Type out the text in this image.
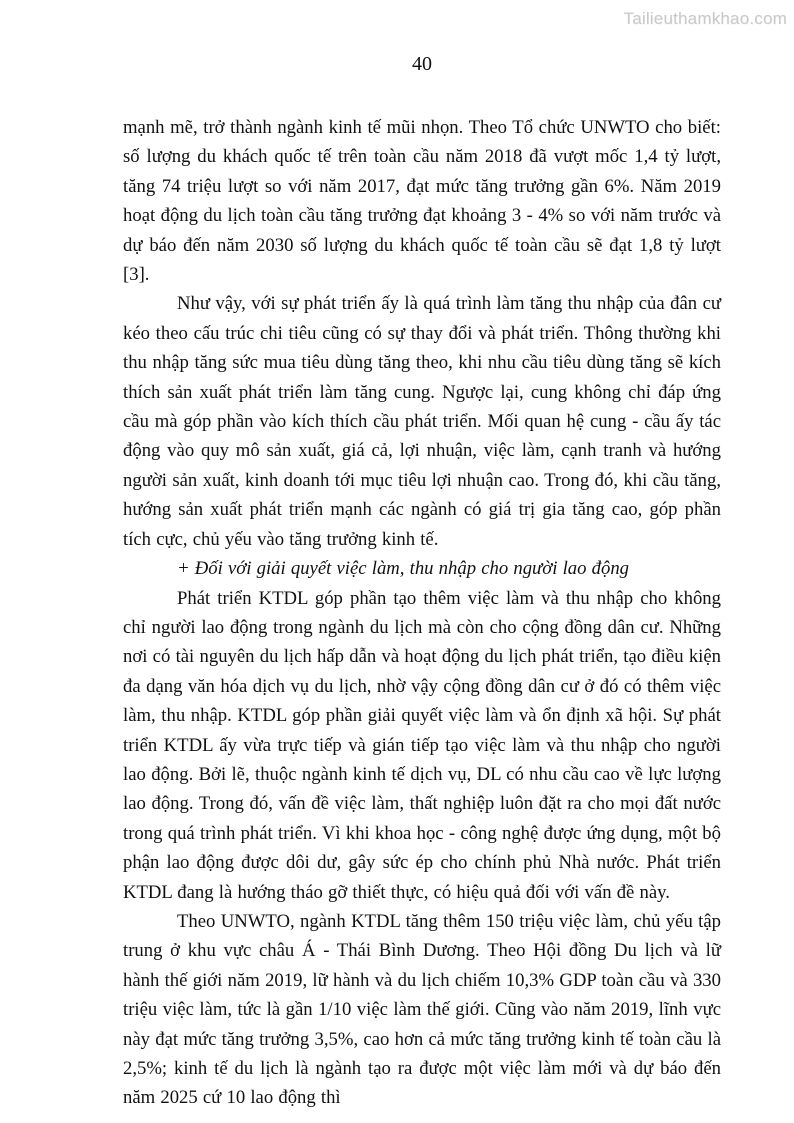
Tailieuthamkhao.com

40

mạnh mẽ, trở thành ngành kinh tế mũi nhọn. Theo Tổ chức UNWTO cho biết: số lượng du khách quốc tế trên toàn cầu năm 2018 đã vượt mốc 1,4 tỷ lượt, tăng 74 triệu lượt so với năm 2017, đạt mức tăng trưởng gần 6%. Năm 2019 hoạt động du lịch toàn cầu tăng trưởng đạt khoảng 3 - 4% so với năm trước và dự báo đến năm 2030 số lượng du khách quốc tế toàn cầu sẽ đạt 1,8 tỷ lượt [3].

Như vậy, với sự phát triển ấy là quá trình làm tăng thu nhập của đân cư kéo theo cấu trúc chi tiêu cũng có sự thay đổi và phát triển. Thông thường khi thu nhập tăng sức mua tiêu dùng tăng theo, khi nhu cầu tiêu dùng tăng sẽ kích thích sản xuất phát triển làm tăng cung. Ngược lại, cung không chỉ đáp ứng cầu mà góp phần vào kích thích cầu phát triển. Mối quan hệ cung - cầu ấy tác động vào quy mô sản xuất, giá cả, lợi nhuận, việc làm, cạnh tranh và hướng người sản xuất, kinh doanh tới mục tiêu lợi nhuận cao. Trong đó, khi cầu tăng, hướng sản xuất phát triển mạnh các ngành có giá trị gia tăng cao, góp phần tích cực, chủ yếu vào tăng trưởng kinh tế.

+ Đối với giải quyết việc làm, thu nhập cho người lao động

Phát triển KTDL góp phần tạo thêm việc làm và thu nhập cho không chỉ người lao động trong ngành du lịch mà còn cho cộng đồng dân cư. Những nơi có tài nguyên du lịch hấp dẫn và hoạt động du lịch phát triển, tạo điều kiện đa dạng văn hóa dịch vụ du lịch, nhờ vậy cộng đồng dân cư ở đó có thêm việc làm, thu nhập. KTDL góp phần giải quyết việc làm và ổn định xã hội. Sự phát triển KTDL ấy vừa trực tiếp và gián tiếp tạo việc làm và thu nhập cho người lao động. Bởi lẽ, thuộc ngành kinh tế dịch vụ, DL có nhu cầu cao về lực lượng lao động. Trong đó, vấn đề việc làm, thất nghiệp luôn đặt ra cho mọi đất nước trong quá trình phát triển. Vì khi khoa học - công nghệ được ứng dụng, một bộ phận lao động được dôi dư, gây sức ép cho chính phủ Nhà nước. Phát triển KTDL đang là hướng tháo gỡ thiết thực, có hiệu quả đối với vấn đề này.

Theo UNWTO, ngành KTDL tăng thêm 150 triệu việc làm, chủ yếu tập trung ở khu vực châu Á - Thái Bình Dương. Theo Hội đồng Du lịch và lữ hành thế giới năm 2019, lữ hành và du lịch chiếm 10,3% GDP toàn cầu và 330 triệu việc làm, tức là gần 1/10 việc làm thế giới. Cũng vào năm 2019, lĩnh vực này đạt mức tăng trưởng 3,5%, cao hơn cả mức tăng trưởng kinh tế toàn cầu là 2,5%; kinh tế du lịch là ngành tạo ra được một việc làm mới và dự báo đến năm 2025 cứ 10 lao động thì
